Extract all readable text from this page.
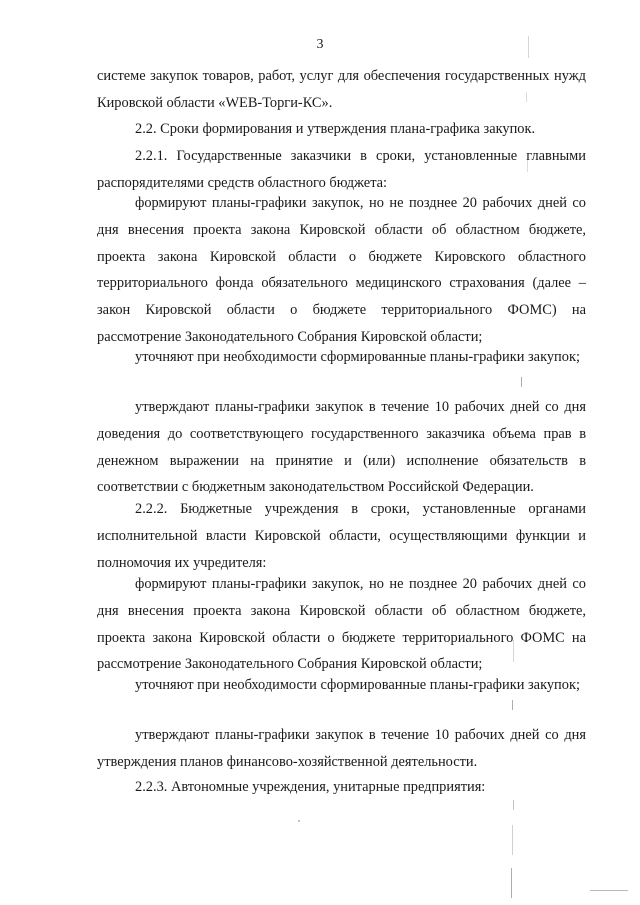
3

системе закупок товаров, работ, услуг для обеспечения государственных нужд Кировской области «WEB-Торги-КС».

2.2. Сроки формирования и утверждения плана-графика закупок.

2.2.1. Государственные заказчики в сроки, установленные главными распорядителями средств областного бюджета:

формируют планы-графики закупок, но не позднее 20 рабочих дней со дня внесения проекта закона Кировской области об областном бюджете, проекта закона Кировской области о бюджете Кировского областного территориального фонда обязательного медицинского страхования (далее – закон Кировской области о бюджете территориального ФОМС) на рассмотрение Законодательного Собрания Кировской области;

уточняют при необходимости сформированные планы-графики закупок;

утверждают планы-графики закупок в течение 10 рабочих дней со дня доведения до соответствующего государственного заказчика объема прав в денежном выражении на принятие и (или) исполнение обязательств в соответствии с бюджетным законодательством Российской Федерации.

2.2.2. Бюджетные учреждения в сроки, установленные органами исполнительной власти Кировской области, осуществляющими функции и полномочия их учредителя:

формируют планы-графики закупок, но не позднее 20 рабочих дней со дня внесения проекта закона Кировской области об областном бюджете, проекта закона Кировской области о бюджете территориального ФОМС на рассмотрение Законодательного Собрания Кировской области;

уточняют при необходимости сформированные планы-графики закупок;

утверждают планы-графики закупок в течение 10 рабочих дней со дня утверждения планов финансово-хозяйственной деятельности.

2.2.3. Автономные учреждения, унитарные предприятия:
